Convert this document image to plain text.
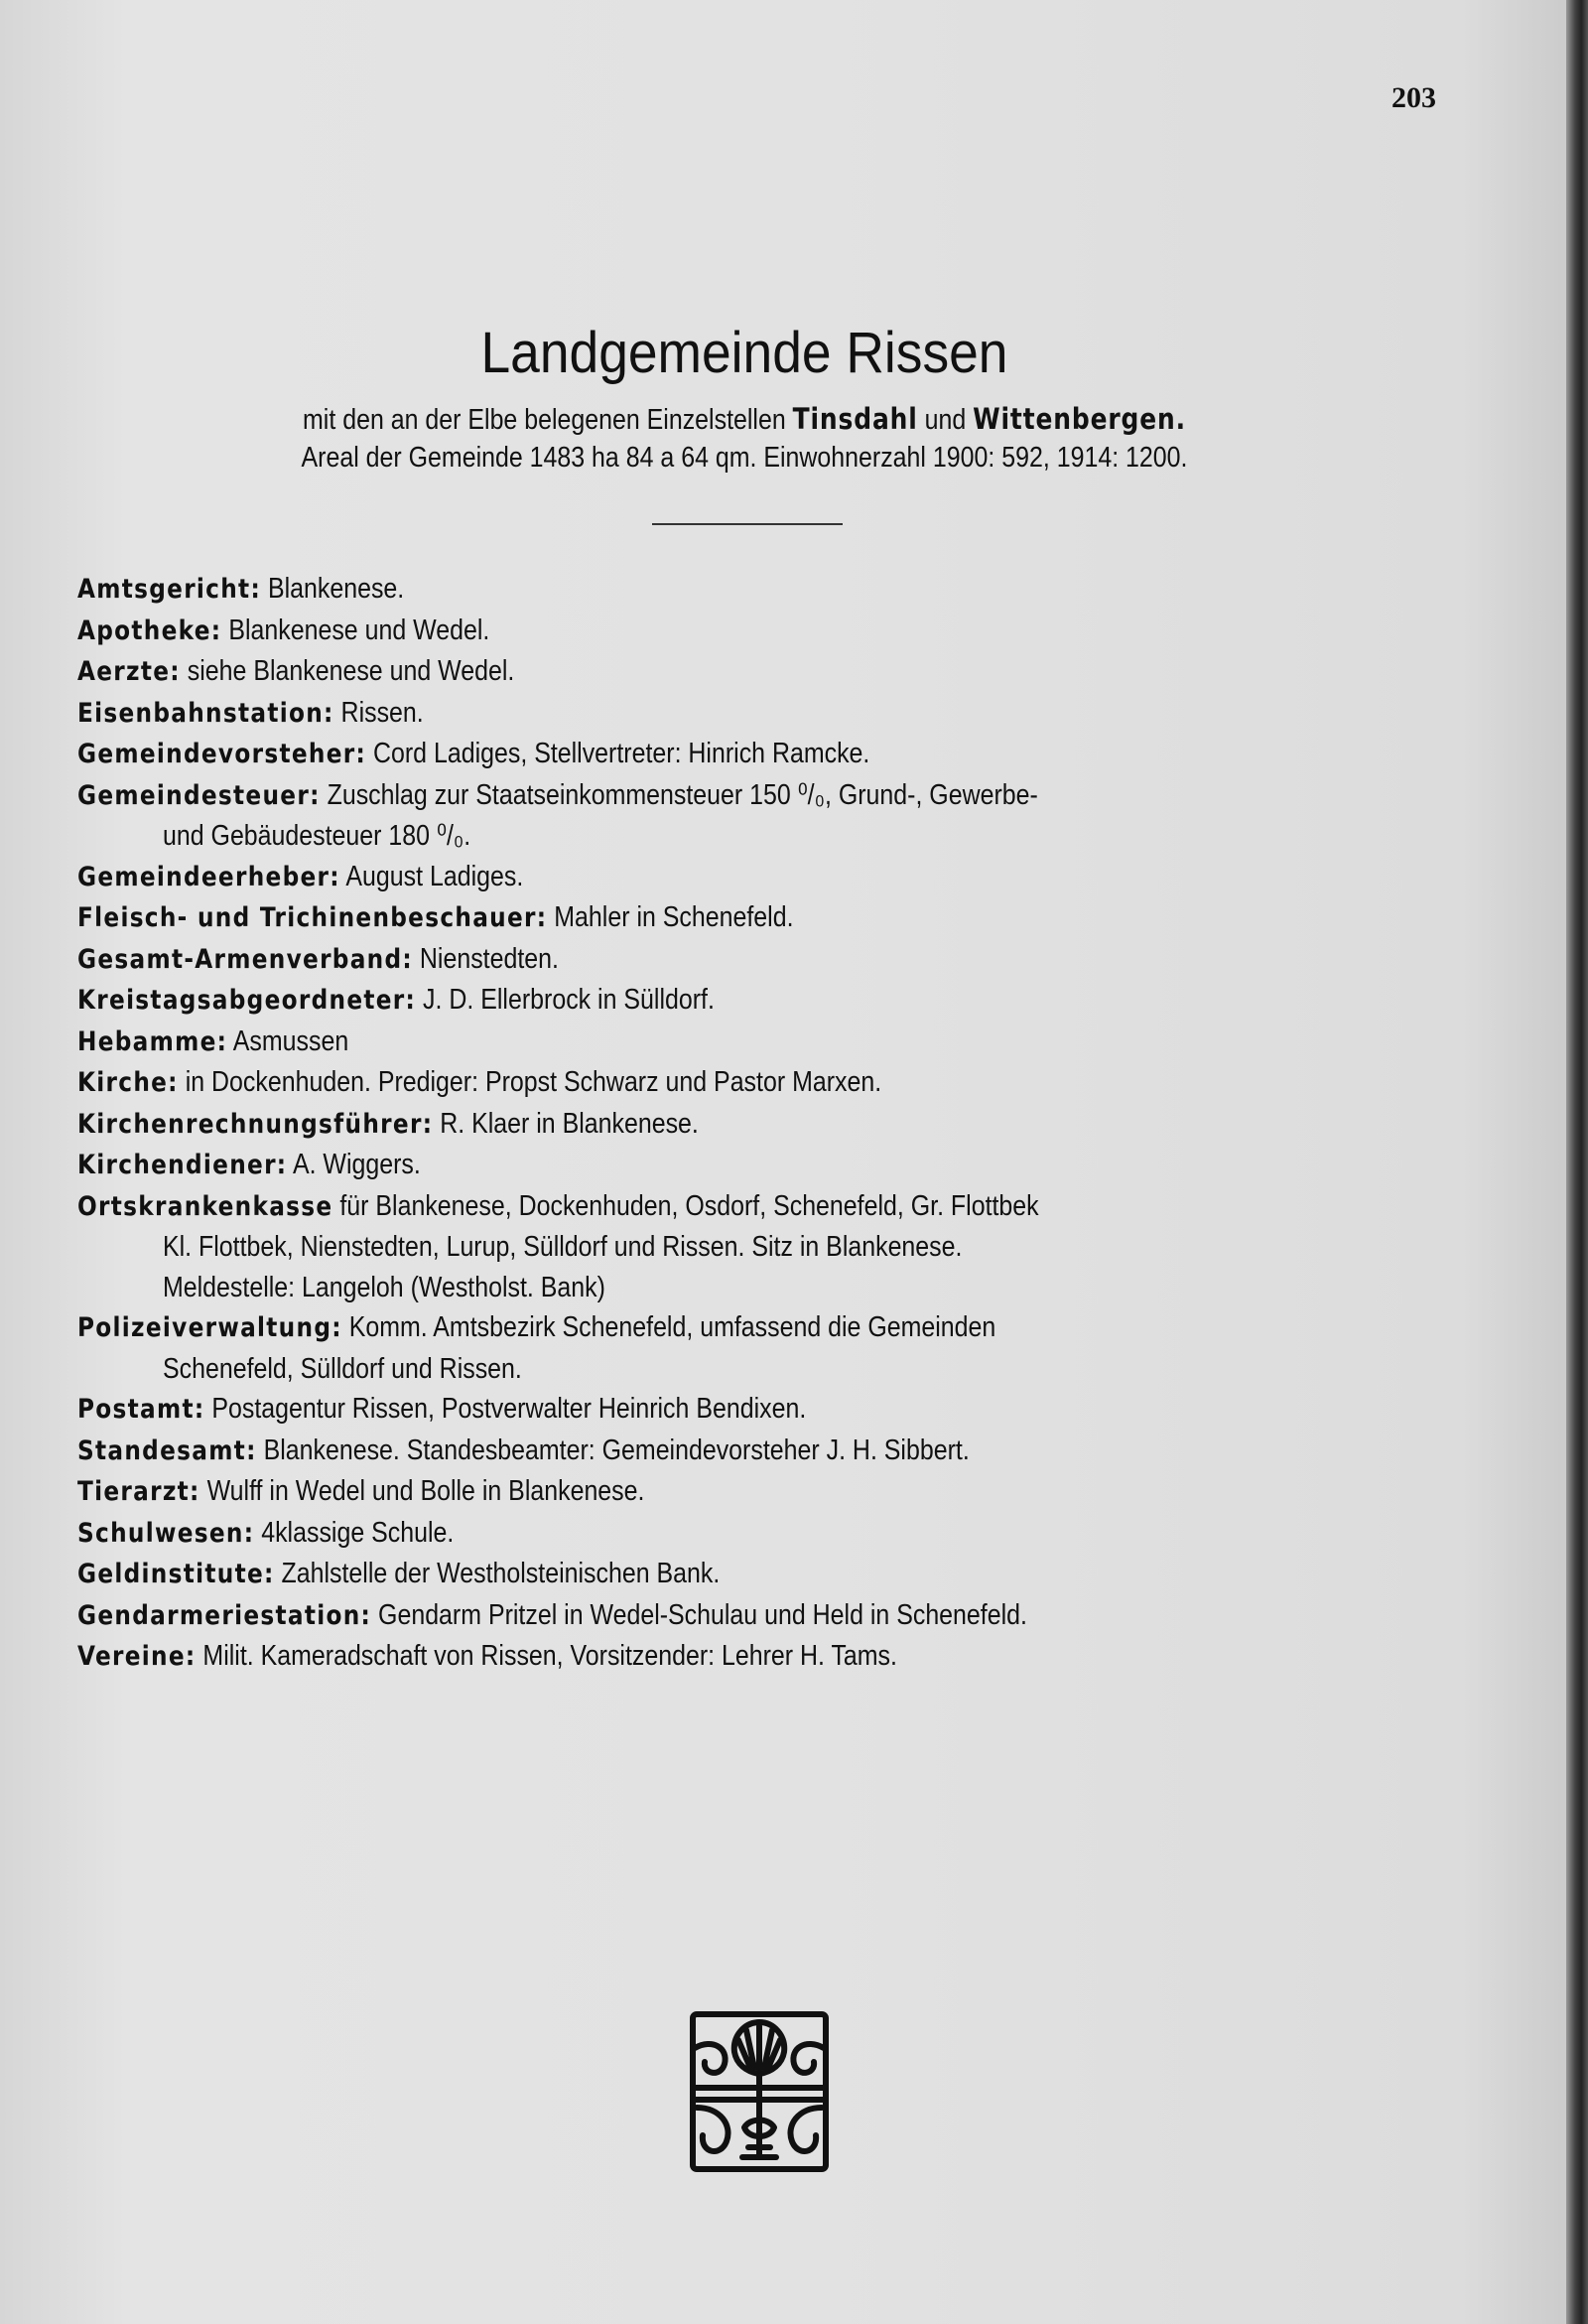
203
Landgemeinde Rissen
mit den an der Elbe belegenen Einzelstellen Tinsdahl und Wittenbergen.
Areal der Gemeinde 1483 ha 84 a 64 qm. Einwohnerzahl 1900: 592, 1914: 1200.
Amtsgericht: Blankenese.
Apotheke: Blankenese und Wedel.
Aerzte: siehe Blankenese und Wedel.
Eisenbahnstation: Rissen.
Gemeindevorsteher: Cord Ladiges, Stellvertreter: Hinrich Ramcke.
Gemeindesteuer: Zuschlag zur Staatseinkommensteuer 150 ⁰/₀, Grund-, Gewerbe-
und Gebäudesteuer 180 ⁰/₀.
Gemeindeerheber: August Ladiges.
Fleisch- und Trichinenbeschauer: Mahler in Schenefeld.
Gesamt-Armenverband: Nienstedten.
Kreistagsabgeordneter: J. D. Ellerbrock in Sülldorf.
Hebamme: Asmussen
Kirche: in Dockenhuden. Prediger: Propst Schwarz und Pastor Marxen.
Kirchenrechnungsführer: R. Klaer in Blankenese.
Kirchendiener: A. Wiggers.
Ortskrankenkasse für Blankenese, Dockenhuden, Osdorf, Schenefeld, Gr. Flottbek
Kl. Flottbek, Nienstedten, Lurup, Sülldorf und Rissen. Sitz in Blankenese.
Meldestelle: Langeloh (Westholst. Bank)
Polizeiverwaltung: Komm. Amtsbezirk Schenefeld, umfassend die Gemeinden
Schenefeld, Sülldorf und Rissen.
Postamt: Postagentur Rissen, Postverwalter Heinrich Bendixen.
Standesamt: Blankenese. Standesbeamter: Gemeindevorsteher J. H. Sibbert.
Tierarzt: Wulff in Wedel und Bolle in Blankenese.
Schulwesen: 4klassige Schule.
Geldinstitute: Zahlstelle der Westholsteinischen Bank.
Gendarmeriestation: Gendarm Pritzel in Wedel-Schulau und Held in Schenefeld.
Vereine: Milit. Kameradschaft von Rissen, Vorsitzender: Lehrer H. Tams.
